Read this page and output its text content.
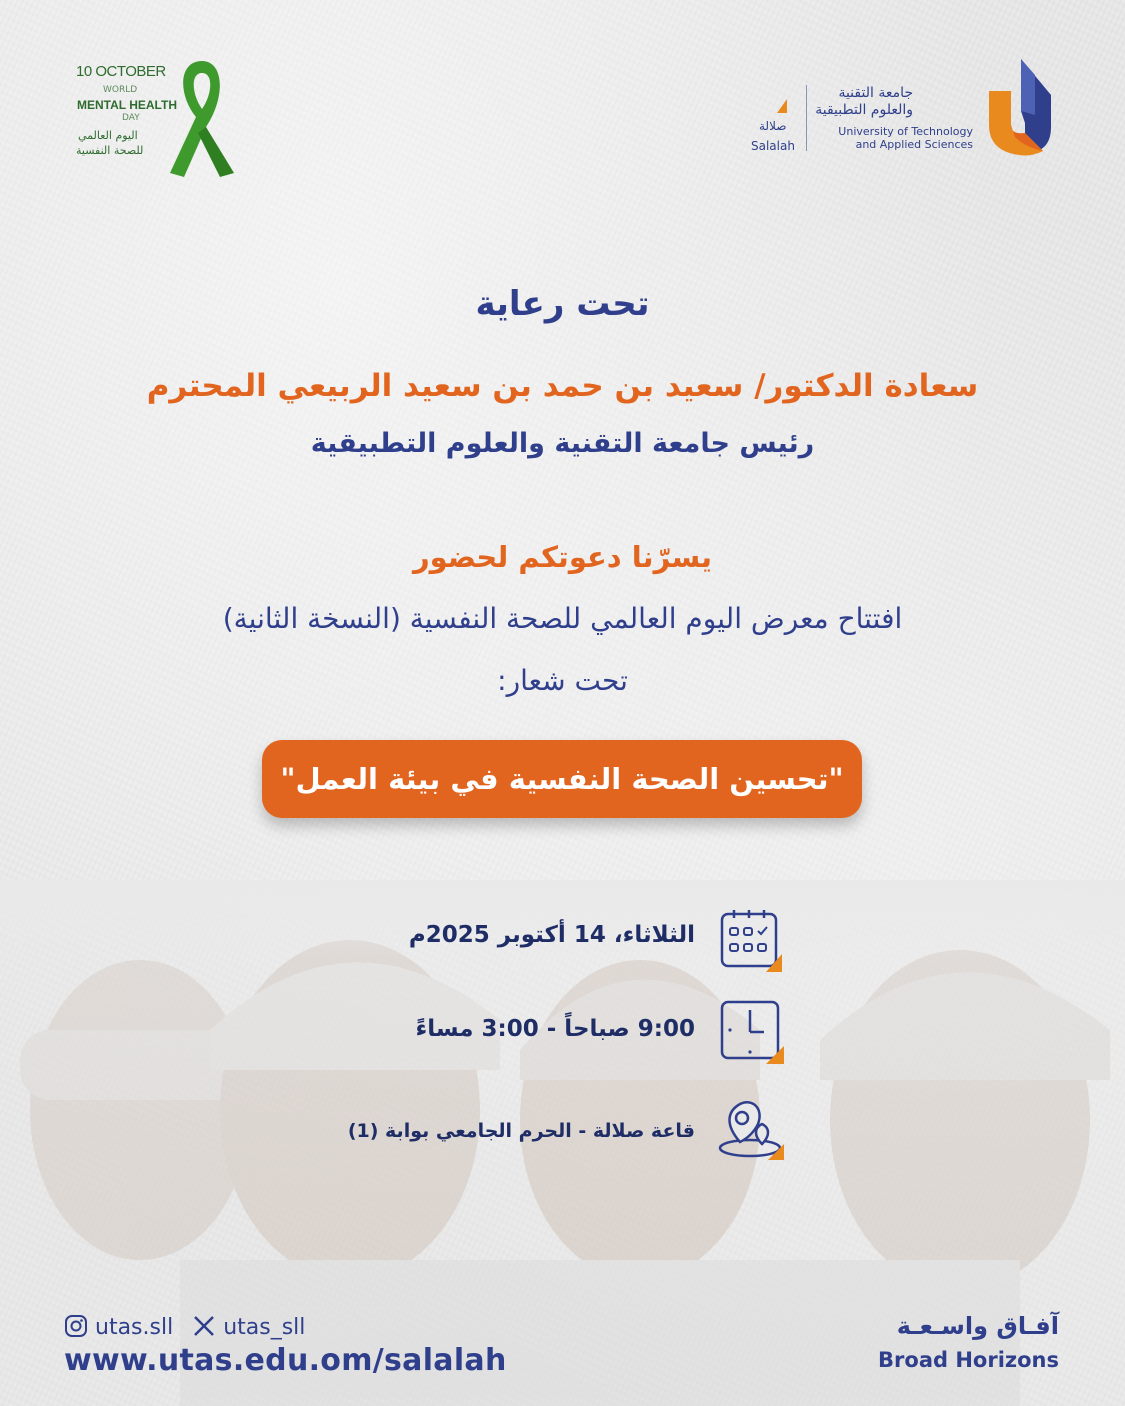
10 OCTOBER
WORLD
MENTAL HEALTH
DAY
اليوم العالمي
للصحة النفسية
صلالة
Salalah
جامعة التقنية
والعلوم التطبيقية
University of Technology
and Applied Sciences
تحت رعاية
سعادة الدكتور/ سعيد بن حمد بن سعيد الربيعي المحترم
رئيس جامعة التقنية والعلوم التطبيقية
يسرّنا دعوتكم لحضور
افتتاح معرض اليوم العالمي للصحة النفسية (النسخة الثانية)
تحت شعار:
"تحسين الصحة النفسية في بيئة العمل"
الثلاثاء، 14 أكتوبر 2025م
9:00 صباحاً - 3:00 مساءً
قاعة صلالة - الحرم الجامعي بوابة (1)
utas.sll utas_sll
www.utas.edu.om/salalah
آفـاق واسـعـة
Broad Horizons
